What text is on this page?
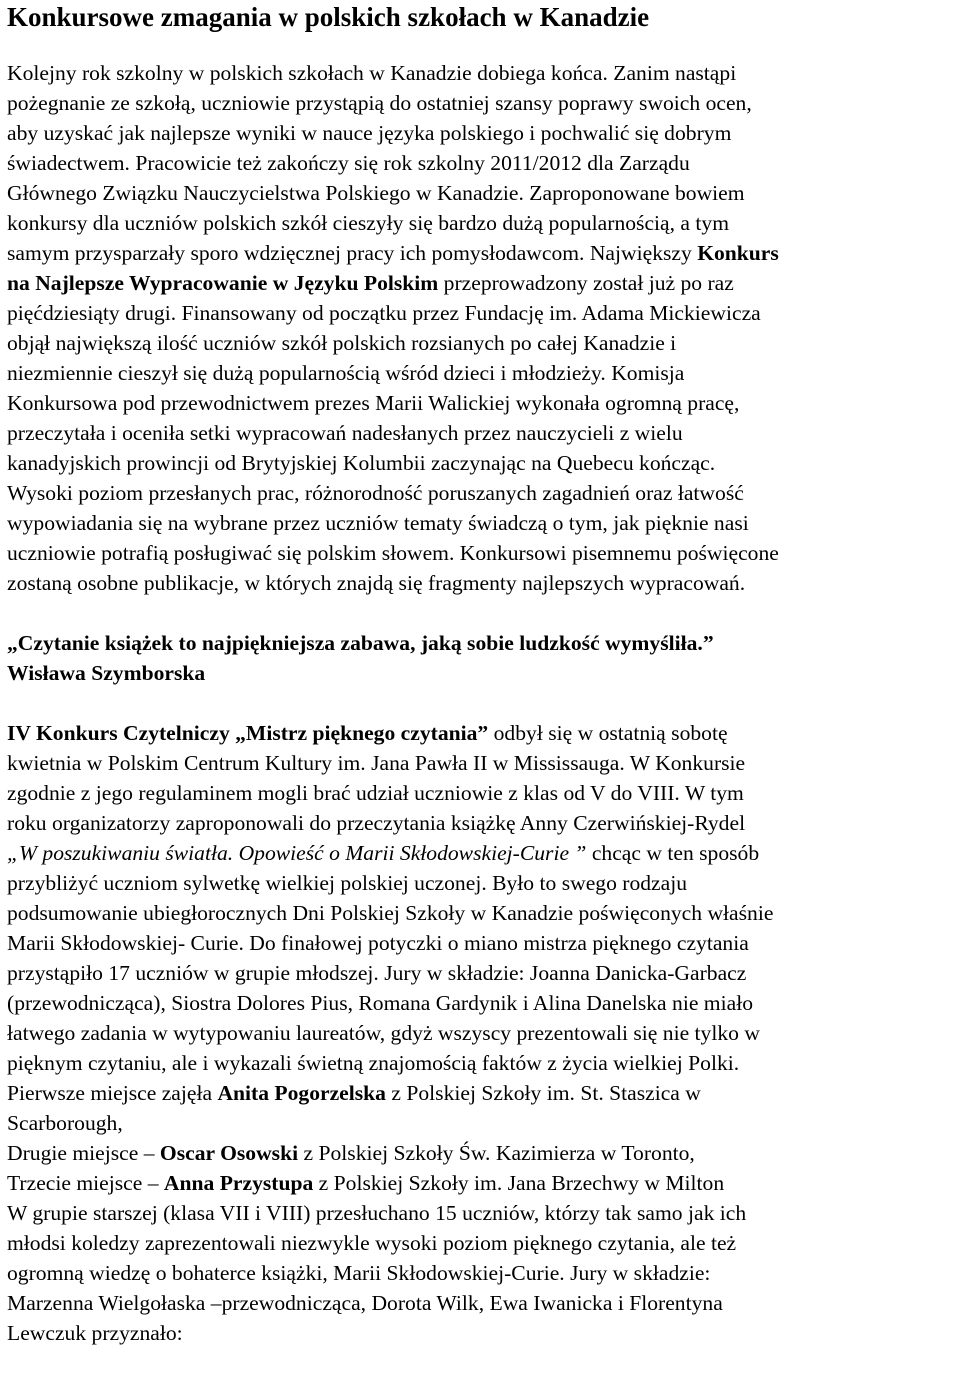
Konkursowe zmagania w polskich szkołach w Kanadzie
Kolejny rok szkolny w polskich szkołach w Kanadzie dobiega końca. Zanim nastąpi
pożegnanie ze szkołą, uczniowie przystąpią do ostatniej szansy poprawy swoich ocen,
aby uzyskać jak najlepsze wyniki w nauce języka polskiego i pochwalić się dobrym
świadectwem. Pracowicie też zakończy się rok szkolny 2011/2012 dla Zarządu
Głównego Związku Nauczycielstwa Polskiego w Kanadzie. Zaproponowane bowiem
konkursy dla uczniów polskich szkół cieszyły się bardzo dużą popularnością, a tym
samym przysparzały sporo wdzięcznej pracy ich pomysłodawcom. Największy Konkurs
na Najlepsze Wypracowanie w Języku Polskim przeprowadzony został już po raz
pięćdziesiąty drugi. Finansowany od początku przez Fundację im. Adama Mickiewicza
objął największą ilość uczniów szkół polskich rozsianych po całej Kanadzie i
niezmiennie cieszył się dużą popularnością wśród dzieci i młodzieży. Komisja
Konkursowa pod przewodnictwem prezes Marii Walickiej wykonała ogromną pracę,
przeczytała i oceniła setki wypracowań nadesłanych przez nauczycieli z wielu
kanadyjskich prowincji od Brytyjskiej Kolumbii zaczynając na Quebecu kończąc.
Wysoki poziom przesłanych prac, różnorodność poruszanych zagadnień oraz łatwość
wypowiadania się na wybrane przez uczniów tematy świadczą o tym, jak pięknie nasi
uczniowie potrafią posługiwać się polskim słowem. Konkursowi pisemnemu poświęcone
zostaną osobne publikacje, w których znajdą się fragmenty najlepszych wypracowań.
„Czytanie książek to najpiękniejsza zabawa, jaką sobie ludzkość wymyśliła.”
Wisława Szymborska
IV Konkurs Czytelniczy „Mistrz pięknego czytania” odbył się w ostatnią sobotę
kwietnia w Polskim Centrum Kultury im. Jana Pawła II w Mississauga. W Konkursie
zgodnie z jego regulaminem mogli brać udział uczniowie z klas od V do VIII. W tym
roku organizatorzy zaproponowali do przeczytania książkę Anny Czerwińskiej-Rydel
„W poszukiwaniu światła. Opowieść o Marii Skłodowskiej-Curie ” chcąc w ten sposób
przybliżyć uczniom sylwetkę wielkiej polskiej uczonej. Było to swego rodzaju
podsumowanie ubiegłorocznych Dni Polskiej Szkoły w Kanadzie poświęconych właśnie
Marii Skłodowskiej- Curie. Do finałowej potyczki o miano mistrza pięknego czytania
przystąpiło 17 uczniów w grupie młodszej. Jury w składzie: Joanna Danicka-Garbacz
(przewodnicząca), Siostra Dolores Pius, Romana Gardynik i Alina Danelska nie miało
łatwego zadania w wytypowaniu laureatów, gdyż wszyscy prezentowali się nie tylko w
pięknym czytaniu, ale i wykazali świetną znajomością faktów z życia wielkiej Polki.
Pierwsze miejsce zajęła Anita Pogorzelska z Polskiej Szkoły im. St. Staszica w
Scarborough,
Drugie miejsce – Oscar Osowski z Polskiej Szkoły Św. Kazimierza w Toronto,
Trzecie miejsce – Anna Przystupa z Polskiej Szkoły im. Jana Brzechwy w Milton
W grupie starszej (klasa VII i VIII) przesłuchano 15 uczniów, którzy tak samo jak ich
młodsi koledzy zaprezentowali niezwykle wysoki poziom pięknego czytania, ale też
ogromną wiedzę o bohaterce książki, Marii Skłodowskiej-Curie. Jury w składzie:
Marzenna Wielgołaska –przewodnicząca, Dorota Wilk, Ewa Iwanicka i Florentyna
Lewczuk przyznało:
